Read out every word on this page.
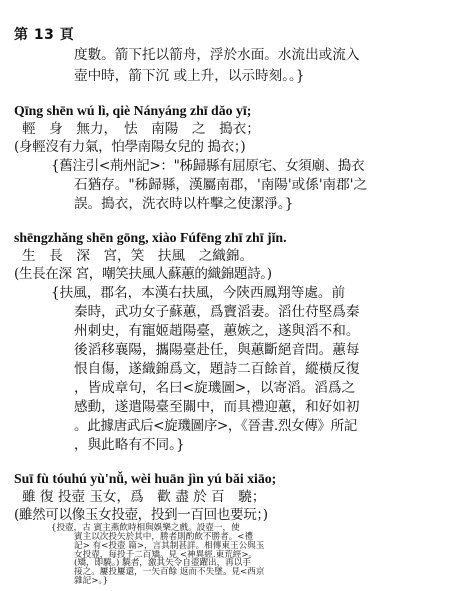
第 13 頁
度數。箭下托以箭舟，浮於水面。水流出或流入
壺中時，箭下沉 或上升，以示時刻。。}
Qīng shēn wú lì, qiè Nányáng zhī dǎo yī;
輕　身　無力，　怯　南陽　之　搗衣；
(身輕沒有力氣，怕學南陽女兒的 搗衣；)
{舊注引<荊州記>："秭歸縣有屈原宅、女須廟、搗衣
石猶存。"秭歸縣，漢屬南郡，'南陽'或係'南郡'之
誤。搗衣，洗衣時以杵擊之使潔淨。}
shēngzhǎng shēn gōng, xiào Fúfēng zhī zhī jǐn.
生　長　深　宮，笑　扶風　之織錦。
(生長在深 宮，嘲笑扶風人蘇蕙的織錦題詩。)
{扶風，郡名，本漢右扶風，今陝西鳳翔等處。前
秦時，武功女子蘇蕙，爲竇滔妻。滔仕苻堅爲秦
州刺史，有寵姬趙陽臺，蕙嫉之，遂與滔不和。
後滔移襄陽，攜陽臺赴任，與蕙斷絕音問。蕙每
恨自傷，遂織錦爲文，題詩二百餘首，縱橫反復
，皆成章句，名曰<旋璣圖>，以寄滔。滔爲之
感動，遂遣陽臺至關中，而具禮迎蕙，和好如初
。此據唐武后<旋璣圖序>，《晉書.烈女傳》所記
，與此略有不同。}
Suī fù tóuhú yù'nǚ, wèi huān jìn yú bǎi xiāo;
雖 復 投壺 玉女，爲　歡 盡 於 百　驍；
(雖然可以像玉女投壺，投到一百回也要玩；)
{投壺，古 賓主燕飲時相與娛樂之戲。設壺一，使
賓主以次投矢於其中，勝者則酌飲不勝者。<禮
記> 有<投壺 篇>，言其制甚詳。相傳東王公與玉
女投壺，每投千二百矯。見 <神異經.東荒經>。
(矯，即驍。) 驍者，激其矢令自壺躍出，再以手
接之。屢投屢還，一矢百餘 返而不失墜。見<西京
雜記>。}
